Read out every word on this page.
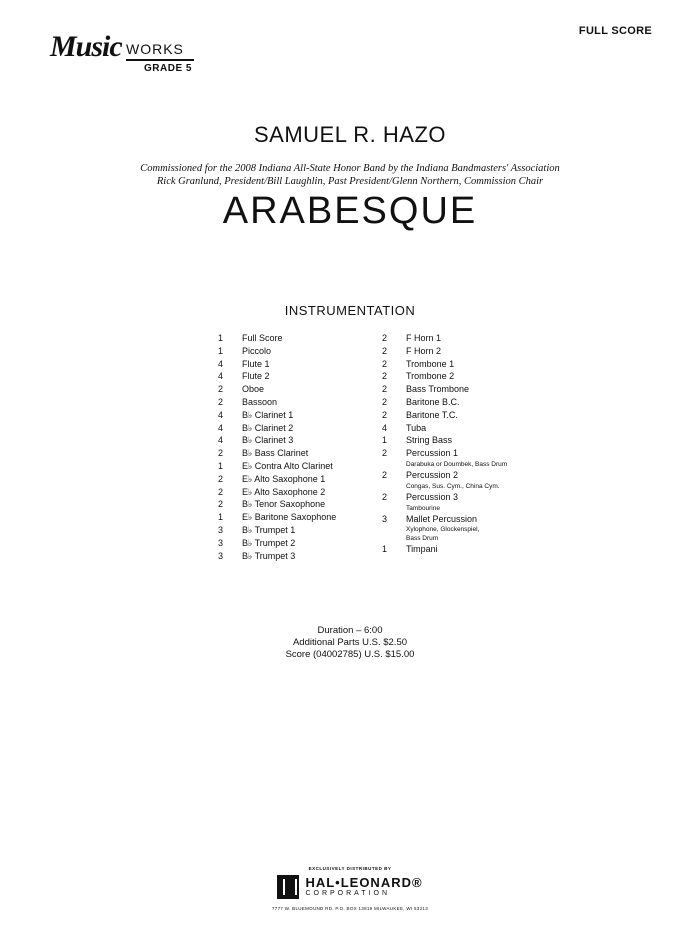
Music WORKS
GRADE 5
FULL SCORE
SAMUEL R. HAZO
Commissioned for the 2008 Indiana All-State Honor Band by the Indiana Bandmasters' Association
Rick Granlund, President/Bill Laughlin, Past President/Glenn Northern, Commission Chair
ARABESQUE
INSTRUMENTATION
1	Full Score
1	Piccolo
4	Flute 1
4	Flute 2
2	Oboe
2	Bassoon
4	B♭ Clarinet 1
4	B♭ Clarinet 2
4	B♭ Clarinet 3
2	B♭ Bass Clarinet
1	E♭ Contra Alto Clarinet
2	E♭ Alto Saxophone 1
2	E♭ Alto Saxophone 2
2	B♭ Tenor Saxophone
1	E♭ Baritone Saxophone
3	B♭ Trumpet 1
3	B♭ Trumpet 2
3	B♭ Trumpet 3
2	F Horn 1
2	F Horn 2
2	Trombone 1
2	Trombone 2
2	Bass Trombone
2	Baritone B.C.
2	Baritone T.C.
4	Tuba
1	String Bass
2	Percussion 1
Darabuka or Doumbek, Bass Drum
2	Percussion 2
Congas, Sus. Cym., China Cym.
2	Percussion 3
Tambourine
3	Mallet Percussion
Xylophone, Glockenspiel,
Bass Drum
1	Timpani
Duration – 6:00
Additional Parts U.S. $2.50
Score (04002785) U.S. $15.00
EXCLUSIVELY DISTRIBUTED BY
HAL•LEONARD®
CORPORATION
7777 W. BLUEMOUND RD. P.O. BOX 13819 MILWAUKEE, WI 53213
